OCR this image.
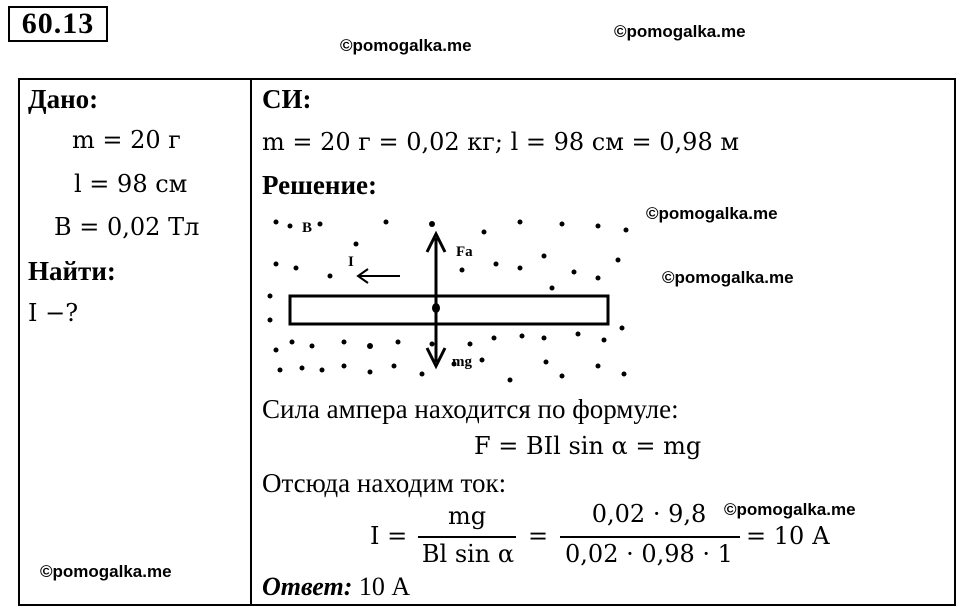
60.13
©pomogalka.me
©pomogalka.me
Дано:
m = 20 г
l = 98 см
B = 0,02 Тл
Найти:
I −?
©pomogalka.me
СИ:
m = 20 г = 0,02 кг; l = 98 см = 0,98 м
Решение:
©pomogalka.me
©pomogalka.me
B
I
Fa
mg
Сила ампера находится по формуле:
F = BIl sin α = mg
Отсюда находим ток:
©pomogalka.me
I =
mg
Bl sin α
=
0,02 · 9,8
0,02 · 0,98 · 1
= 10 А
Ответ: 10 А
